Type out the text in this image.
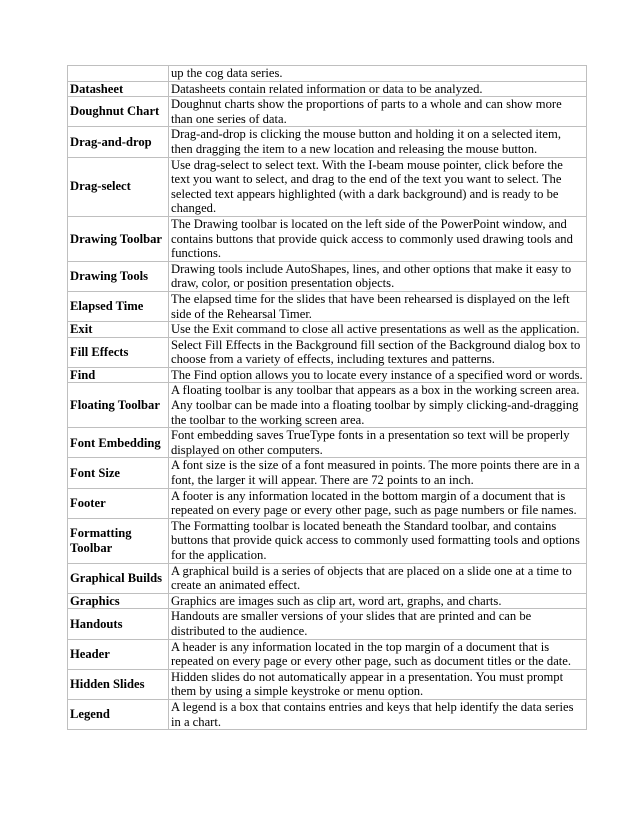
	up the cog data series.
Datasheet	Datasheets contain related information or data to be analyzed.
Doughnut Chart	Doughnut charts show the proportions of parts to a whole and can show more than one series of data.
Drag-and-drop	Drag-and-drop is clicking the mouse button and holding it on a selected item, then dragging the item to a new location and releasing the mouse button.
Drag-select	Use drag-select to select text. With the I-beam mouse pointer, click before the text you want to select, and drag to the end of the text you want to select. The selected text appears highlighted (with a dark background) and is ready to be changed.
Drawing Toolbar	The Drawing toolbar is located on the left side of the PowerPoint window, and contains buttons that provide quick access to commonly used drawing tools and functions.
Drawing Tools	Drawing tools include AutoShapes, lines, and other options that make it easy to draw, color, or position presentation objects.
Elapsed Time	The elapsed time for the slides that have been rehearsed is displayed on the left side of the Rehearsal Timer.
Exit	Use the Exit command to close all active presentations as well as the application.
Fill Effects	Select Fill Effects in the Background fill section of the Background dialog box to choose from a variety of effects, including textures and patterns.
Find	The Find option allows you to locate every instance of a specified word or words.
Floating Toolbar	A floating toolbar is any toolbar that appears as a box in the working screen area. Any toolbar can be made into a floating toolbar by simply clicking-and-dragging the toolbar to the working screen area.
Font Embedding	Font embedding saves TrueType fonts in a presentation so text will be properly displayed on other computers.
Font Size	A font size is the size of a font measured in points. The more points there are in a font, the larger it will appear. There are 72 points to an inch.
Footer	A footer is any information located in the bottom margin of a document that is repeated on every page or every other page, such as page numbers or file names.
Formatting Toolbar	The Formatting toolbar is located beneath the Standard toolbar, and contains buttons that provide quick access to commonly used formatting tools and options for the application.
Graphical Builds	A graphical build is a series of objects that are placed on a slide one at a time to create an animated effect.
Graphics	Graphics are images such as clip art, word art, graphs, and charts.
Handouts	Handouts are smaller versions of your slides that are printed and can be distributed to the audience.
Header	A header is any information located in the top margin of a document that is repeated on every page or every other page, such as document titles or the date.
Hidden Slides	Hidden slides do not automatically appear in a presentation. You must prompt them by using a simple keystroke or menu option.
Legend	A legend is a box that contains entries and keys that help identify the data series in a chart.
